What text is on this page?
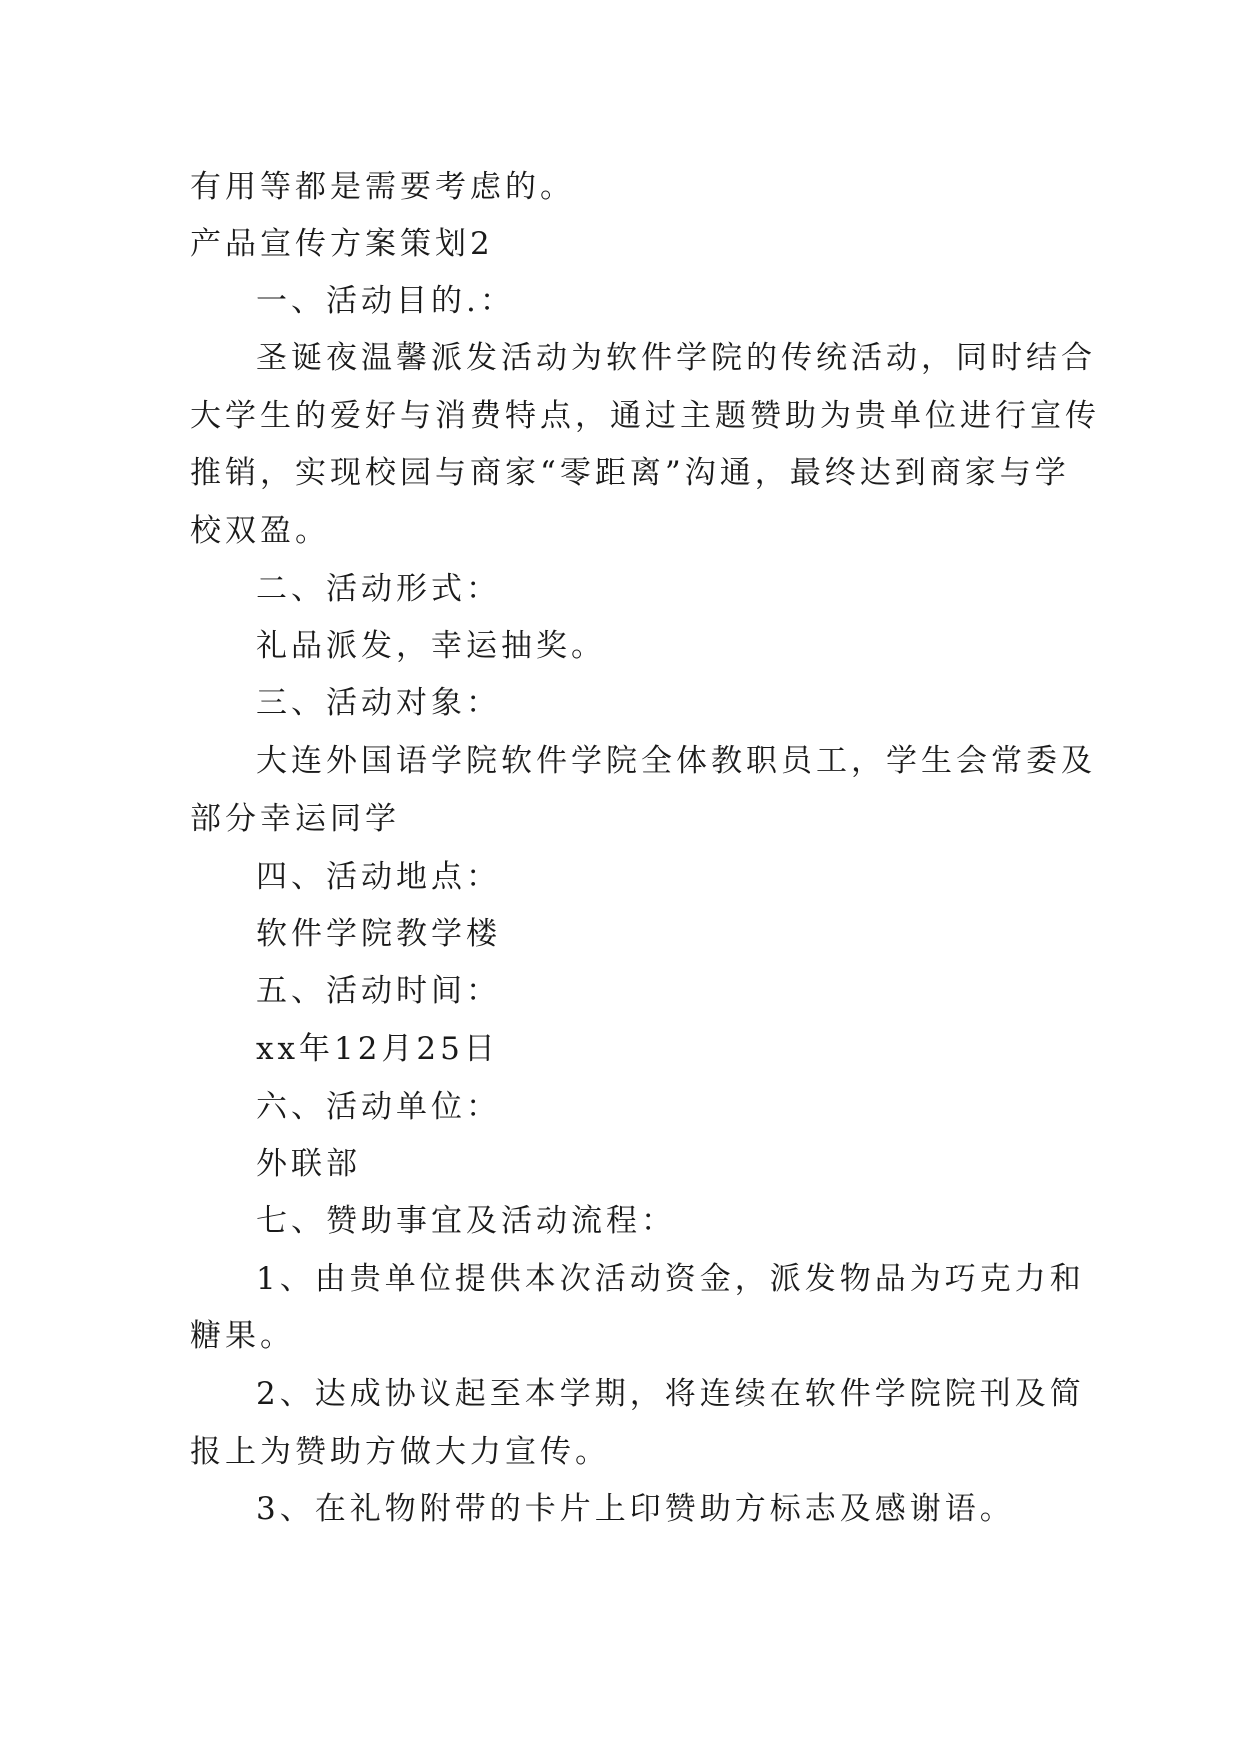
有用等都是需要考虑的。
产品宣传方案策划2
一、活动目的.：
圣诞夜温馨派发活动为软件学院的传统活动，同时结合
大学生的爱好与消费特点，通过主题赞助为贵单位进行宣传
推销，实现校园与商家“零距离”沟通，最终达到商家与学
校双盈。
二、活动形式：
礼品派发，幸运抽奖。
三、活动对象：
大连外国语学院软件学院全体教职员工，学生会常委及
部分幸运同学
四、活动地点：
软件学院教学楼
五、活动时间：
xx年12月25日
六、活动单位：
外联部
七、赞助事宜及活动流程：
1、由贵单位提供本次活动资金，派发物品为巧克力和
糖果。
2、达成协议起至本学期，将连续在软件学院院刊及简
报上为赞助方做大力宣传。
3、在礼物附带的卡片上印赞助方标志及感谢语。
